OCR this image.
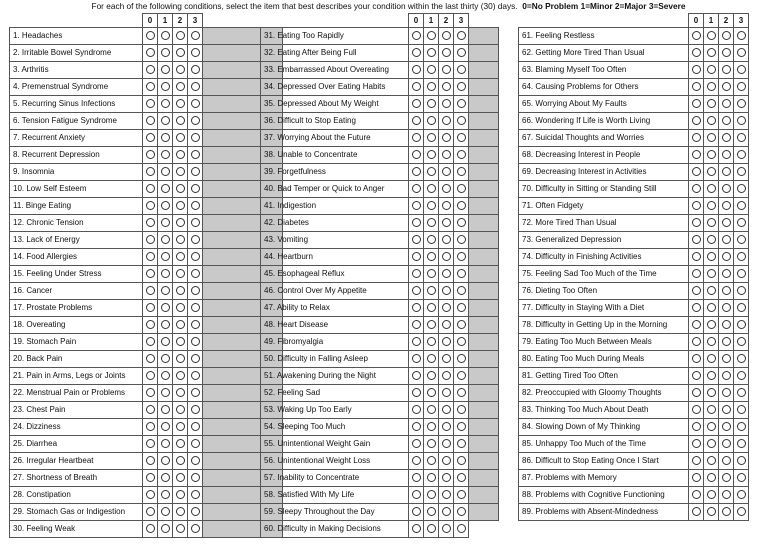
For each of the following conditions, select the item that best describes your condition within the last thirty (30) days. 0=No Problem 1=Minor 2=Major 3=Severe
	0	1	2	3	
1. Headaches					
2. Irritable Bowel Syndrome					
3. Arthritis					
4. Premenstrual Syndrome					
5. Recurring Sinus Infections					
6. Tension Fatigue Syndrome					
7. Recurrent Anxiety					
8. Recurrent Depression					
9. Insomnia					
10. Low Self Esteem					
11. Binge Eating					
12. Chronic Tension					
13. Lack of Energy					
14. Food Allergies					
15. Feeling Under Stress					
16. Cancer					
17. Prostate Problems					
18. Overeating					
19. Stomach Pain					
20. Back Pain					
21. Pain in Arms, Legs or Joints					
22. Menstrual Pain or Problems					
23. Chest Pain					
24. Dizziness					
25. Diarrhea					
26. Irregular Heartbeat					
27. Shortness of Breath					
28. Constipation					
29. Stomach Gas or Indigestion					
30. Feeling Weak					
	0	1	2	3	
31. Eating Too Rapidly					
32. Eating After Being Full					
33. Embarrassed About Overeating					
34. Depressed Over Eating Habits					
35. Depressed About My Weight					
36. Difficult to Stop Eating					
37. Worrying About the Future					
38. Unable to Concentrate					
39. Forgetfulness					
40. Bad Temper or Quick to Anger					
41. Indigestion					
42. Diabetes					
43. Vomiting					
44. Heartburn					
45. Esophageal Reflux					
46. Control Over My Appetite					
47. Ability to Relax					
48. Heart Disease					
49. Fibromyalgia					
50. Difficulty in Falling Asleep					
51. Awakening During the Night					
52. Feeling Sad					
53. Waking Up Too Early					
54. Sleeping Too Much					
55. Unintentional Weight Gain					
56. Unintentional Weight Loss					
57. Inability to Concentrate					
58. Satisfied With My Life					
59. Sleepy Throughout the Day					
60. Difficulty in Making Decisions					
	0	1	2	3
61. Feeling Restless				
62. Getting More Tired Than Usual				
63. Blaming Myself Too Often				
64. Causing Problems for Others				
65. Worrying About My Faults				
66. Wondering If Life is Worth Living				
67. Suicidal Thoughts and Worries				
68. Decreasing Interest in People				
69. Decreasing Interest in Activities				
70. Difficulty in Sitting or Standing Still				
71. Often Fidgety				
72. More Tired Than Usual				
73. Generalized Depression				
74. Difficulty in Finishing Activities				
75. Feeling Sad Too Much of the Time				
76. Dieting Too Often				
77. Difficulty in Staying With a Diet				
78. Difficulty in Getting Up in the Morning				
79. Eating Too Much Between Meals				
80. Eating Too Much During Meals				
81. Getting Tired Too Often				
82. Preoccupied with Gloomy Thoughts				
83. Thinking Too Much About Death				
84. Slowing Down of My Thinking				
85. Unhappy Too Much of the Time				
86. Difficult to Stop Eating Once I Start				
87. Problems with Memory				
88. Problems with Cognitive Functioning				
89. Problems with Absent-Mindedness				
